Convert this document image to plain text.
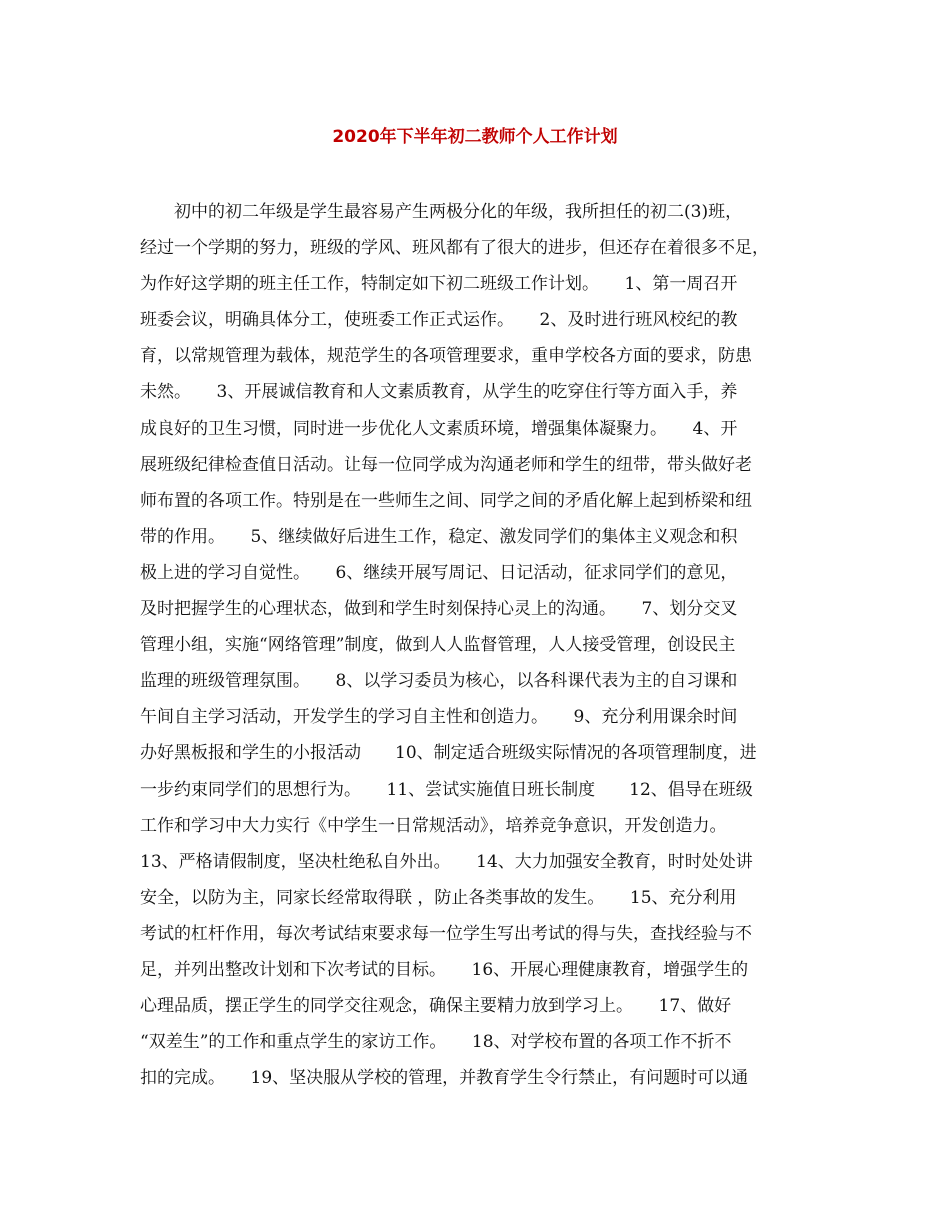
2020年下半年初二教师个人工作计划
　　初中的初二年级是学生最容易产生两极分化的年级，我所担任的初二(3)班，
经过一个学期的努力，班级的学风、班风都有了很大的进步，但还存在着很多不足，
为作好这学期的班主任工作，特制定如下初二班级工作计划。　　1、第一周召开
班委会议，明确具体分工，使班委工作正式运作。　　2、及时进行班风校纪的教
育，以常规管理为载体，规范学生的各项管理要求，重申学校各方面的要求，防患
未然。　　3、开展诚信教育和人文素质教育，从学生的吃穿住行等方面入手，养
成良好的卫生习惯，同时进一步优化人文素质环境，增强集体凝聚力。　　4、开
展班级纪律检查值日活动。让每一位同学成为沟通老师和学生的纽带，带头做好老
师布置的各项工作。特别是在一些师生之间、同学之间的矛盾化解上起到桥梁和纽
带的作用。　　5、继续做好后进生工作，稳定、激发同学们的集体主义观念和积
极上进的学习自觉性。　　6、继续开展写周记、日记活动，征求同学们的意见，
及时把握学生的心理状态，做到和学生时刻保持心灵上的沟通。　　7、划分交叉
管理小组，实施“网络管理”制度，做到人人监督管理，人人接受管理，创设民主
监理的班级管理氛围。　　8、以学习委员为核心，以各科课代表为主的自习课和
午间自主学习活动，开发学生的学习自主性和创造力。　　9、充分利用课余时间
办好黑板报和学生的小报活动　　10、制定适合班级实际情况的各项管理制度，进
一步约束同学们的思想行为。　　11、尝试实施值日班长制度　　12、倡导在班级
工作和学习中大力实行《中学生一日常规活动》，培养竞争意识，开发创造力。
13、严格请假制度，坚决杜绝私自外出。　　14、大力加强安全教育，时时处处讲
安全，以防为主，同家长经常取得联 ，防止各类事故的发生。　　15、充分利用
考试的杠杆作用，每次考试结束要求每一位学生写出考试的得与失，查找经验与不
足，并列出整改计划和下次考试的目标。　　16、开展心理健康教育，增强学生的
心理品质，摆正学生的同学交往观念，确保主要精力放到学习上。　　17、做好
“双差生”的工作和重点学生的家访工作。　　18、对学校布置的各项工作不折不
扣的完成。　　19、坚决服从学校的管理，并教育学生令行禁止，有问题时可以通
